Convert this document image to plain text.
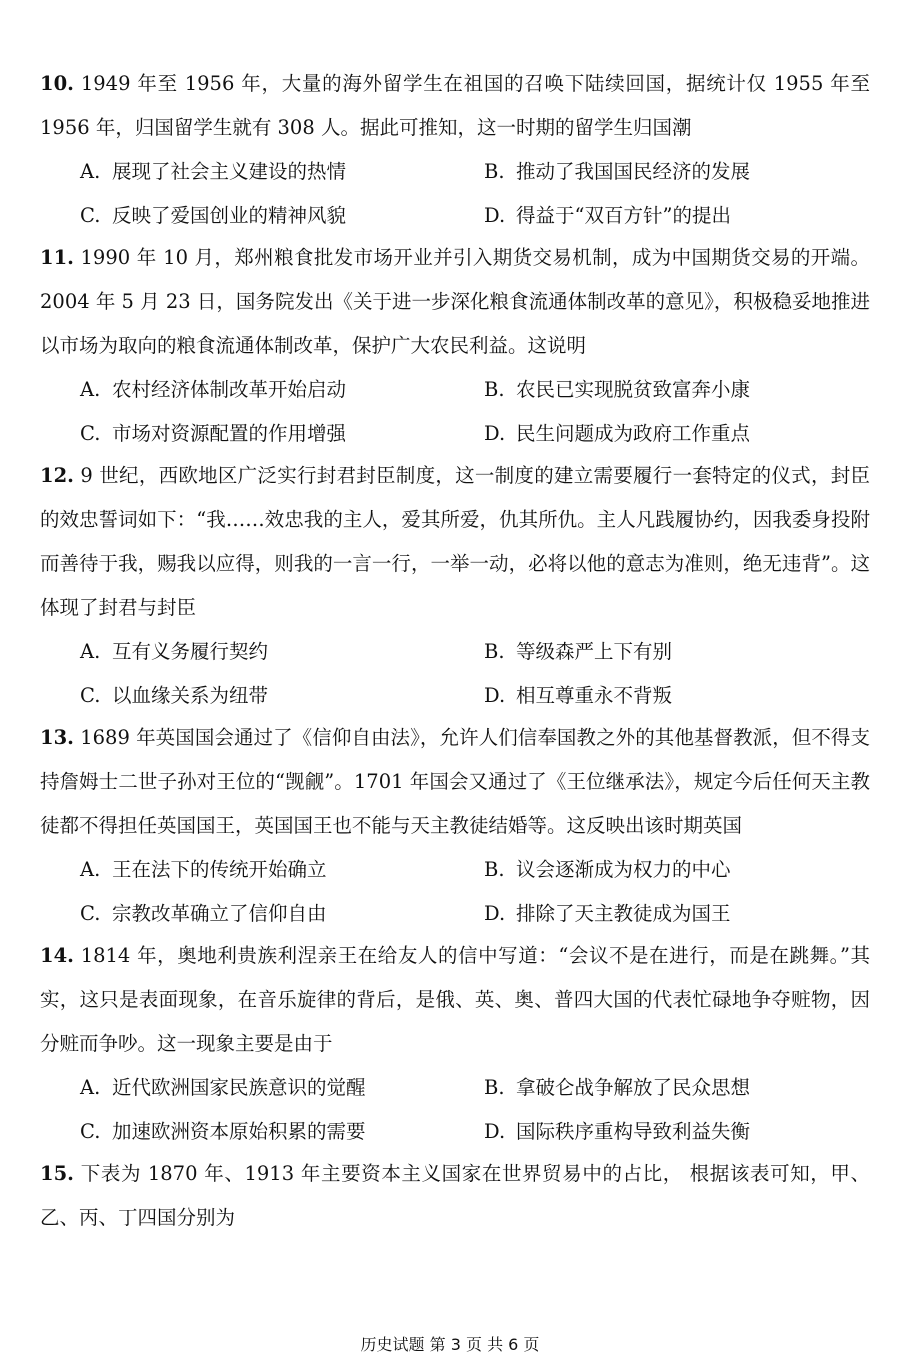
10. 1949 年至 1956 年，大量的海外留学生在祖国的召唤下陆续回国，据统计仅 1955 年至 1956 年，归国留学生就有 308 人。据此可推知，这一时期的留学生归国潮

A. 展现了社会主义建设的热情	B. 推动了我国国民经济的发展
C. 反映了爱国创业的精神风貌	D. 得益于“双百方针”的提出

11. 1990 年 10 月，郑州粮食批发市场开业并引入期货交易机制，成为中国期货交易的开端。2004 年 5 月 23 日，国务院发出《关于进一步深化粮食流通体制改革的意见》，积极稳妥地推进以市场为取向的粮食流通体制改革，保护广大农民利益。这说明

A. 农村经济体制改革开始启动	B. 农民已实现脱贫致富奔小康
C. 市场对资源配置的作用增强	D. 民生问题成为政府工作重点

12. 9 世纪，西欧地区广泛实行封君封臣制度，这一制度的建立需要履行一套特定的仪式，封臣的效忠誓词如下：“我……效忠我的主人，爱其所爱，仇其所仇。主人凡践履协约，因我委身投附而善待于我，赐我以应得，则我的一言一行，一举一动，必将以他的意志为准则，绝无违背”。这体现了封君与封臣

A. 互有义务履行契约	B. 等级森严上下有别
C. 以血缘关系为纽带	D. 相互尊重永不背叛

13. 1689 年英国国会通过了《信仰自由法》，允许人们信奉国教之外的其他基督教派，但不得支持詹姆士二世子孙对王位的“觊觎”。1701 年国会又通过了《王位继承法》，规定今后任何天主教徒都不得担任英国国王，英国国王也不能与天主教徒结婚等。这反映出该时期英国

A. 王在法下的传统开始确立	B. 议会逐渐成为权力的中心
C. 宗教改革确立了信仰自由	D. 排除了天主教徒成为国王

14. 1814 年，奥地利贵族利涅亲王在给友人的信中写道：“会议不是在进行，而是在跳舞。”其实，这只是表面现象，在音乐旋律的背后，是俄、英、奥、普四大国的代表忙碌地争夺赃物，因分赃而争吵。这一现象主要是由于

A. 近代欧洲国家民族意识的觉醒	B. 拿破仑战争解放了民众思想
C. 加速欧洲资本原始积累的需要	D. 国际秩序重构导致利益失衡

15. 下表为 1870 年、1913 年主要资本主义国家在世界贸易中的占比， 根据该表可知，甲、乙、丙、丁四国分别为

历史试题 第 3 页 共 6 页
